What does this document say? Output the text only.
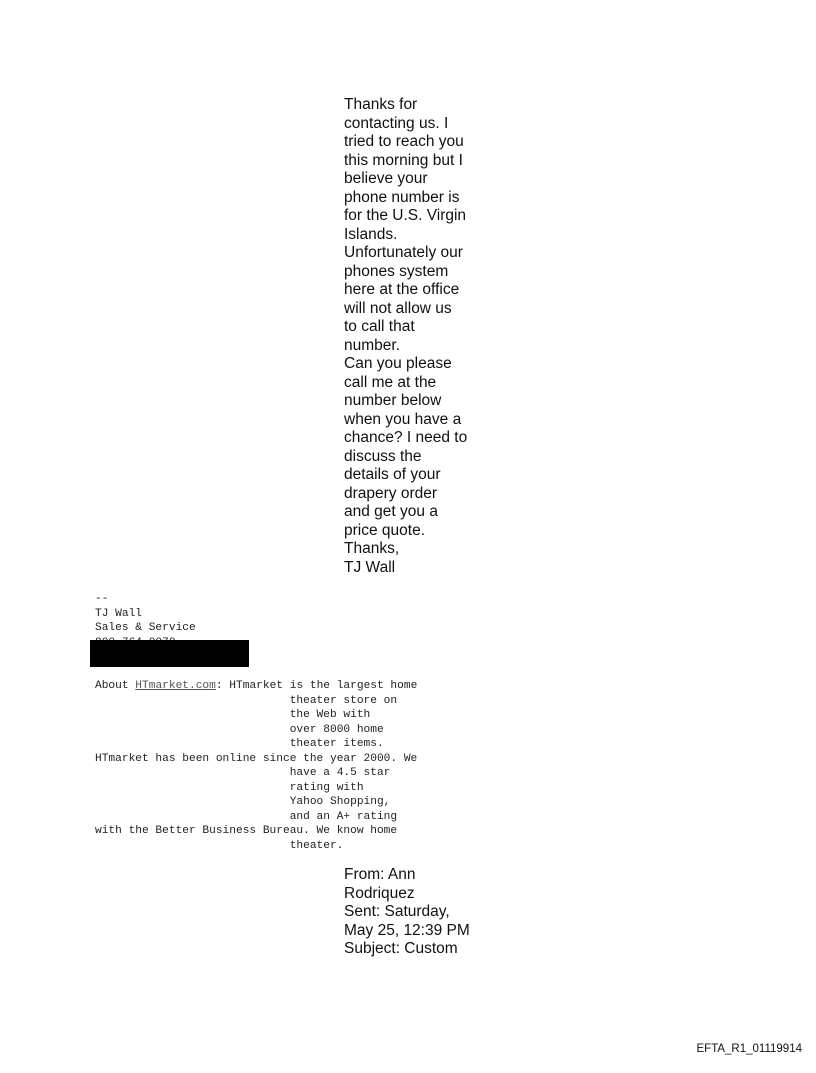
Thanks for
contacting us. I
tried to reach you
this morning but I
believe your
phone number is
for the U.S. Virgin
Islands.
Unfortunately our
phones system
here at the office
will not allow us
to call that
number.
Can you please
call me at the
number below
when you have a
chance? I need to
discuss the
details of your
drapery order
and get you a
price quote.
Thanks,
TJ Wall
--
TJ Wall
Sales & Service
About HTmarket.com: HTmarket is the largest home
theater store on
the Web with
over 8000 home
theater items.
HTmarket has been online since the year 2000. We
have a 4.5 star
rating with
Yahoo Shopping,
and an A+ rating
with the Better Business Bureau. We know home
theater.
From: Ann
Rodriquez
Sent: Saturday,
May 25, 12:39 PM
Subject: Custom
EFTA_R1_01119914
